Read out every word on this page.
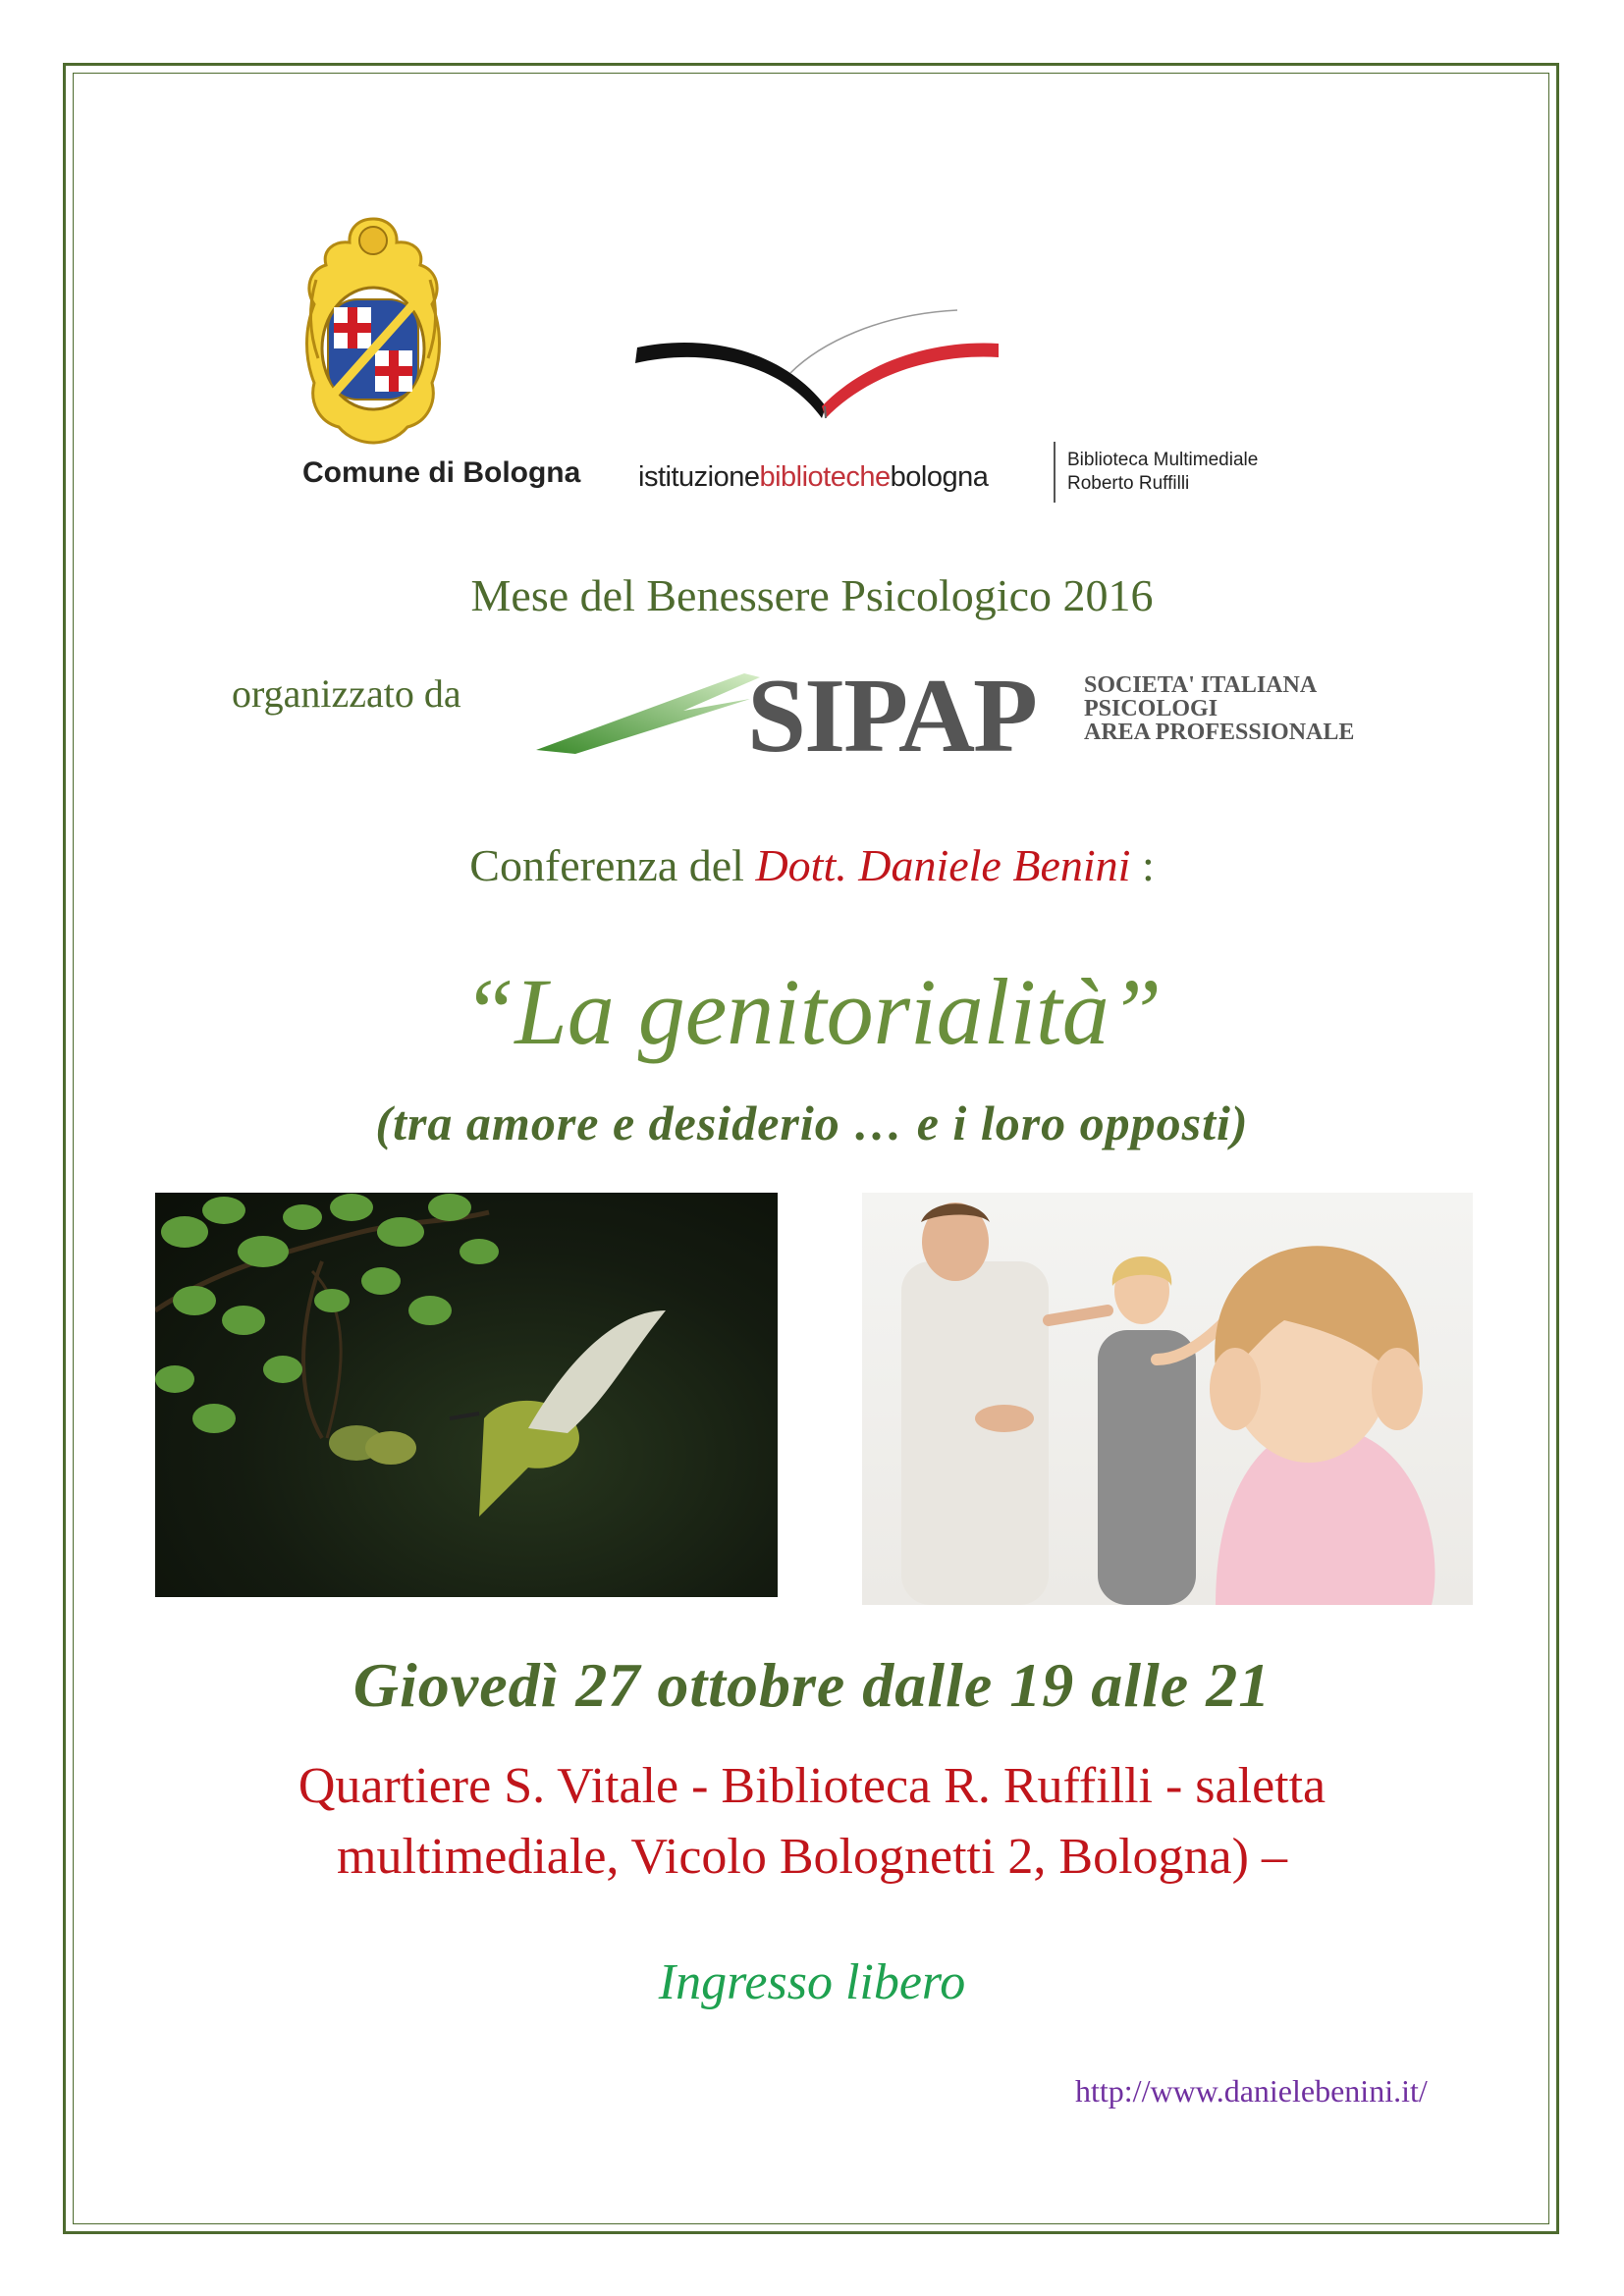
Comune di Bologna	istituzionebibliotechebologna
Biblioteca Multimediale
Roberto Ruffilli
Mese del Benessere Psicologico 2016
organizzato da	SIPAP SOCIETA' ITALIANA
PSICOLOGI
AREA PROFESSIONALE
Conferenza del Dott. Daniele Benini :
“La genitorialità”
(tra amore e desiderio … e i loro opposti)
Giovedì 27 ottobre dalle 19 alle 21
Quartiere S. Vitale - Biblioteca R. Ruffilli - saletta
multimediale, Vicolo Bolognetti 2, Bologna) –
Ingresso libero
http://www.danielebenini.it/
